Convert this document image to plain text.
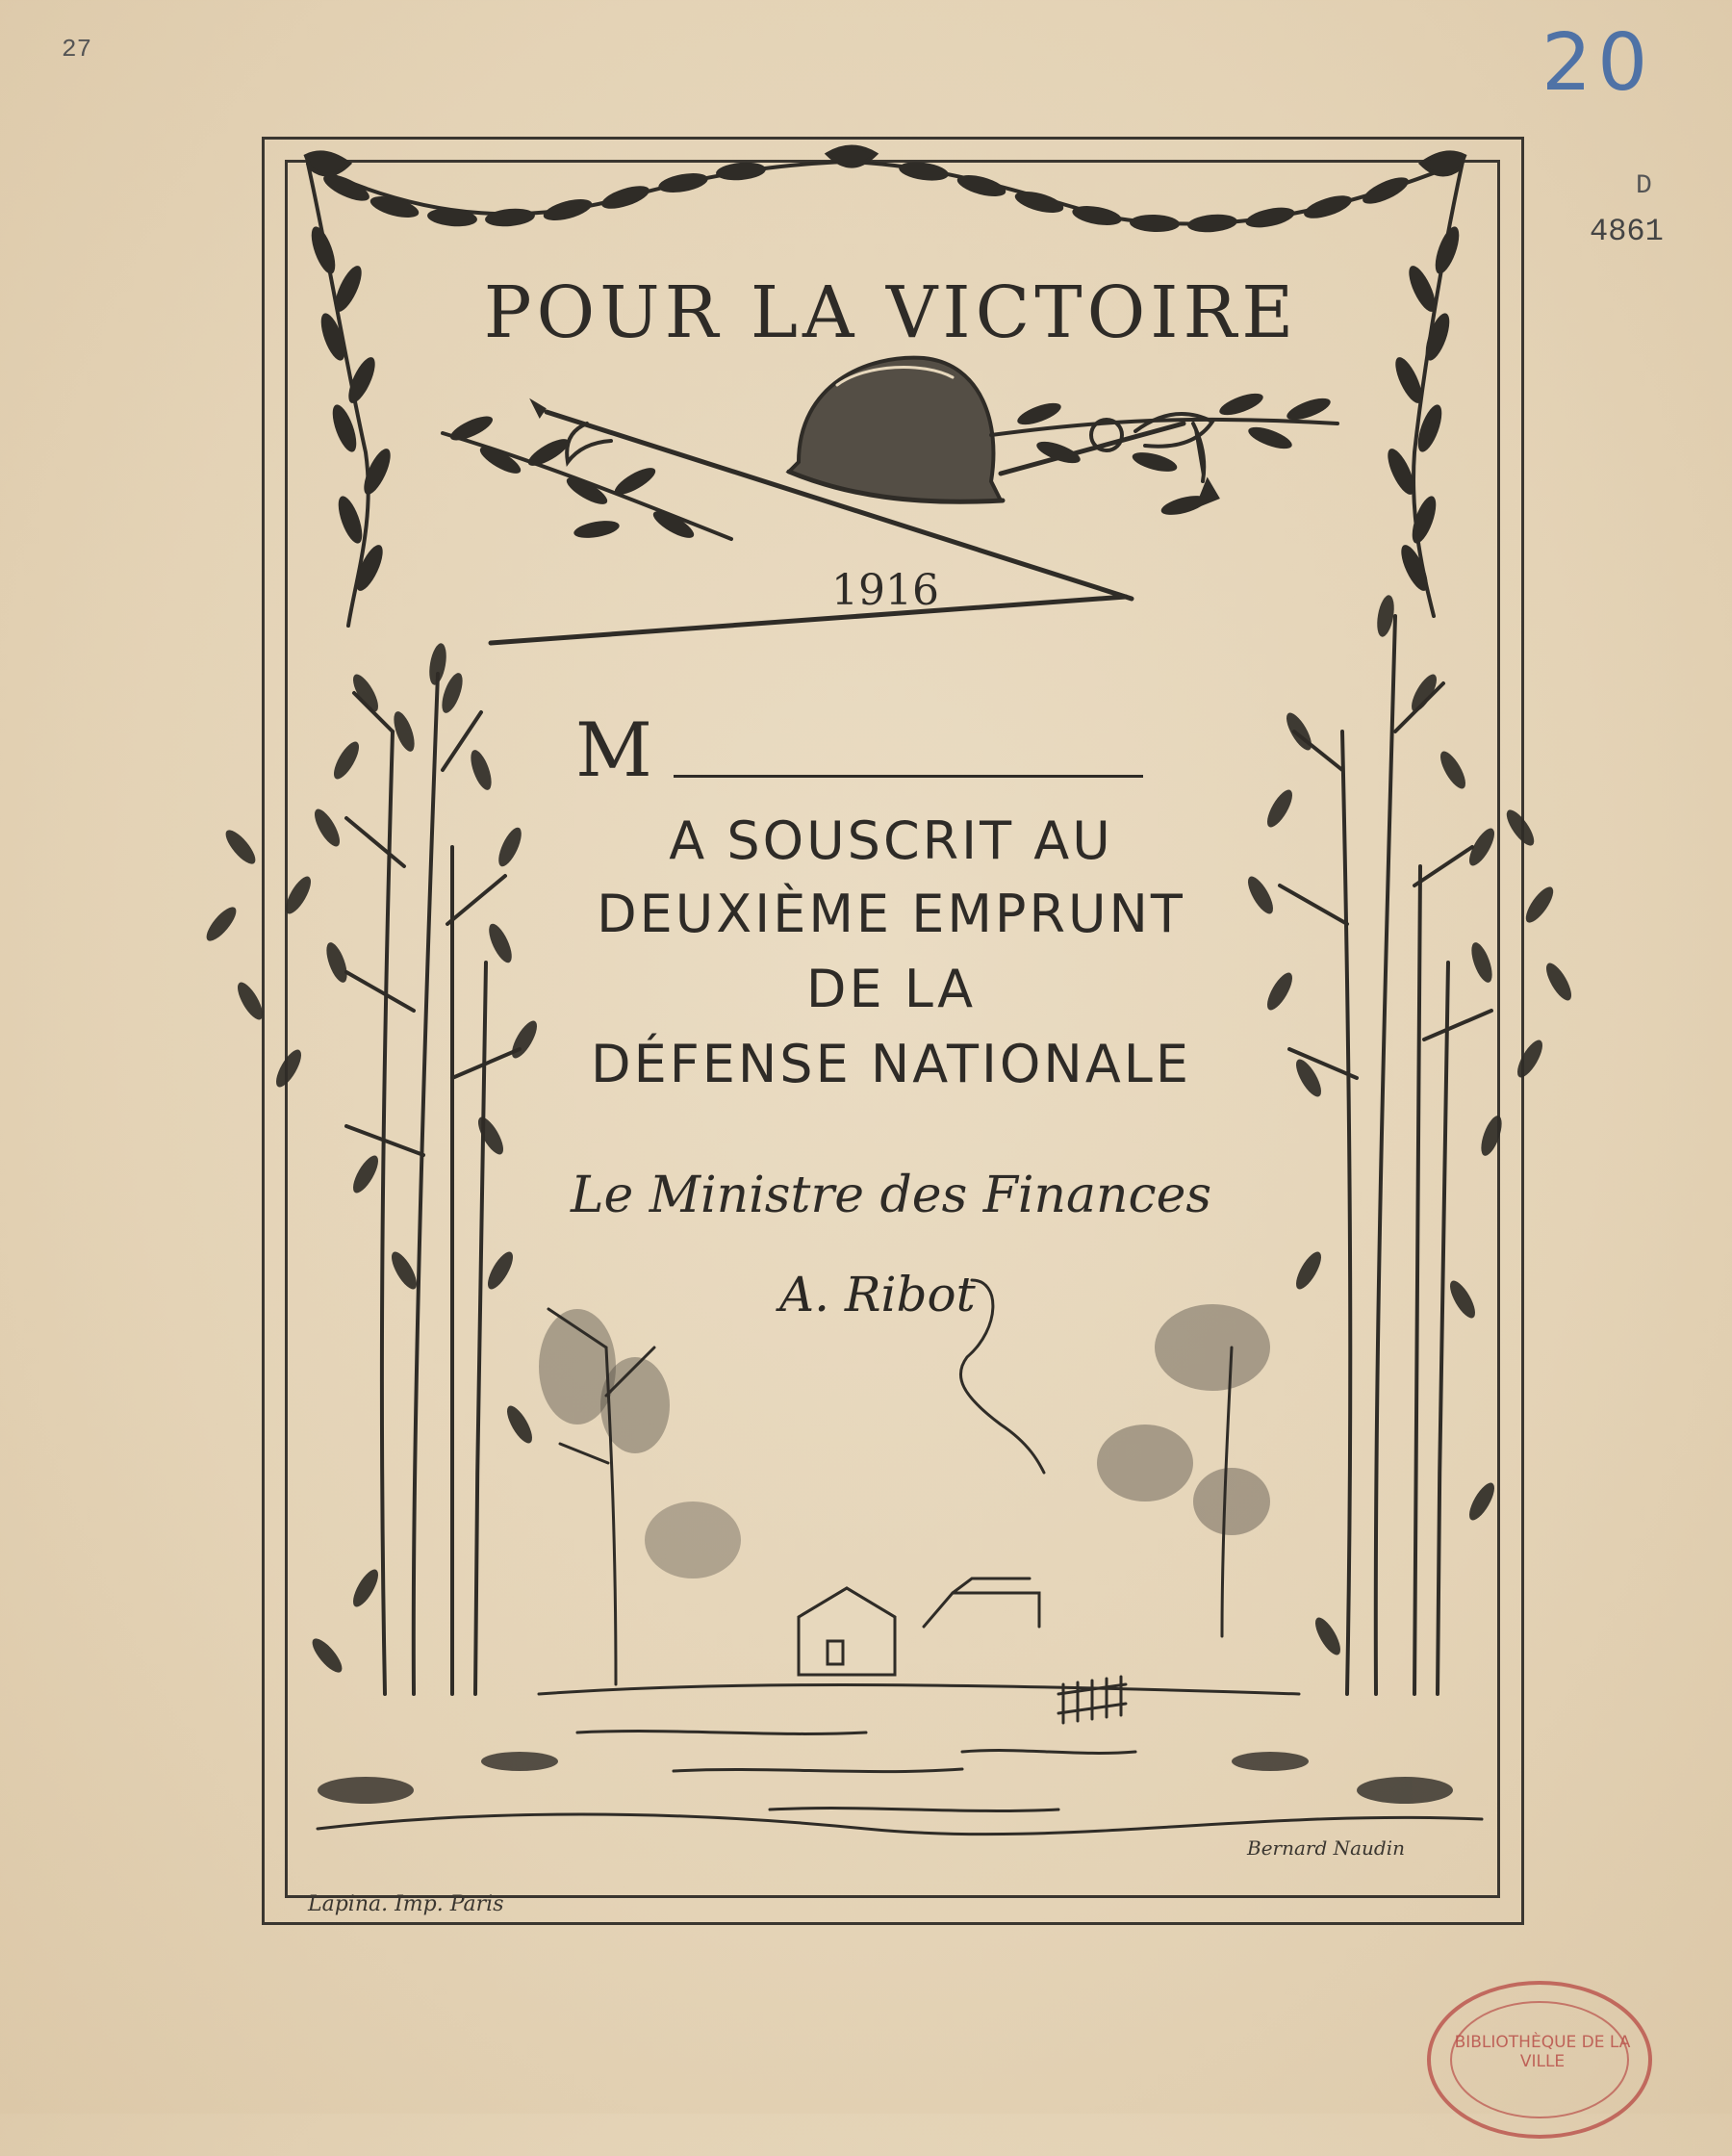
27	20
D
4861
POUR LA VICTOIRE
1916
M
A SOUSCRIT AU
DEUXIÈME EMPRUNT
DE LA
DÉFENSE NATIONALE
Le Ministre des Finances
A. Ribot
Lapina. Imp. Paris
Bernard Naudin
BIBLIOTHÈQUE DE LA VILLE
